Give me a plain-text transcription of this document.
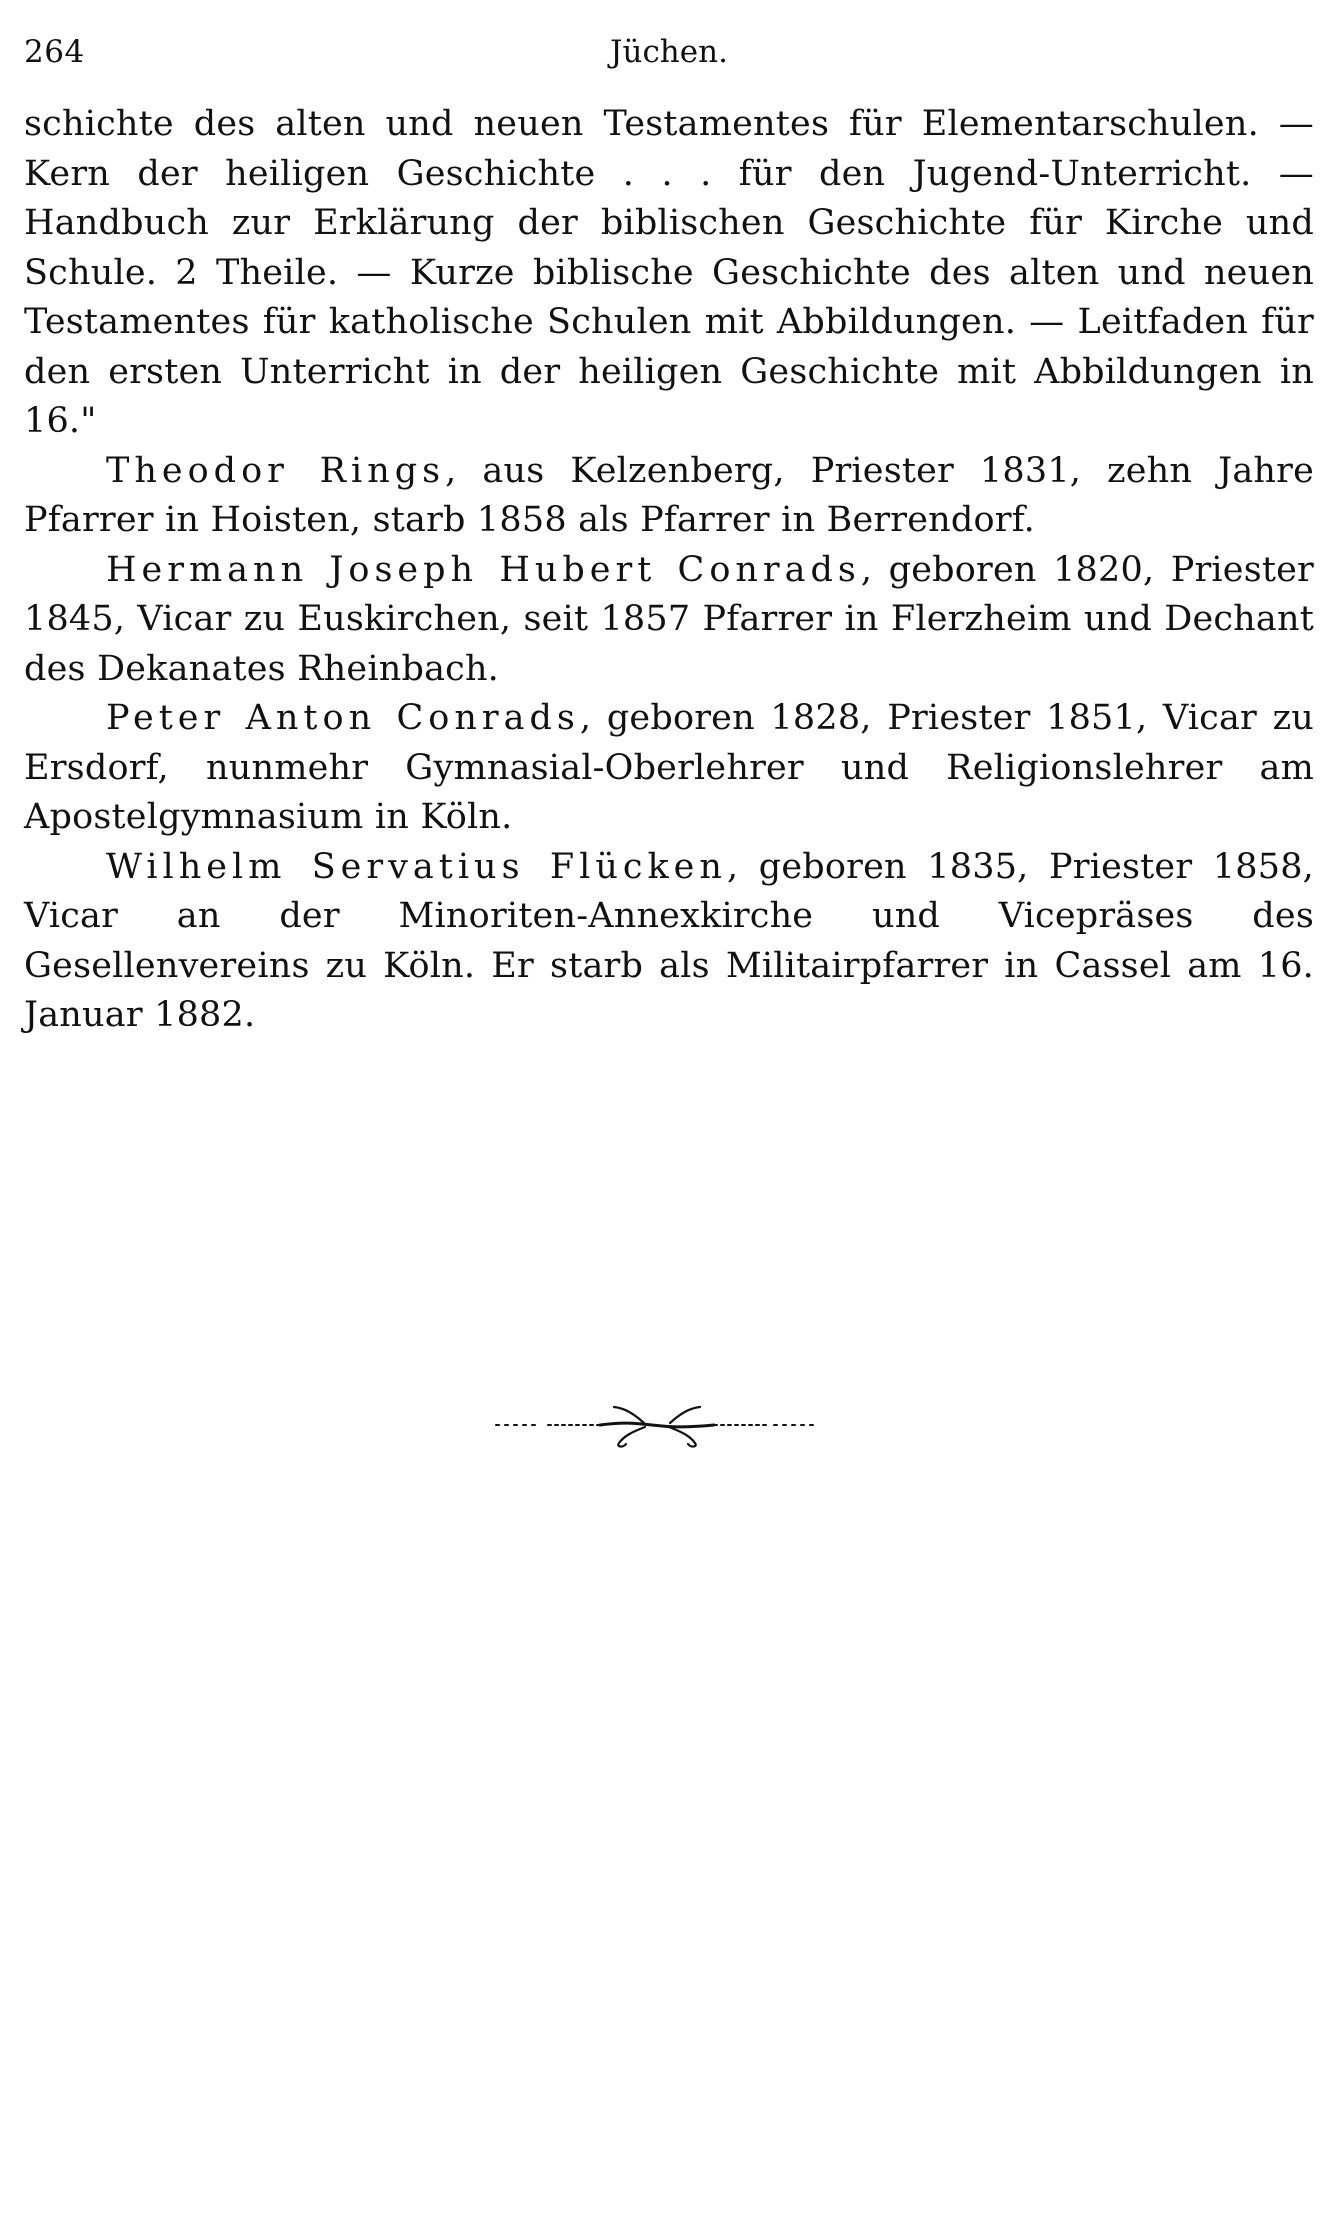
264	Jüchen.

schichte des alten und neuen Testamentes für Elementarschulen. — Kern der heiligen Geschichte . . . für den Jugend-Unterricht. — Handbuch zur Erklärung der biblischen Geschichte für Kirche und Schule. 2 Theile. — Kurze biblische Geschichte des alten und neuen Testamentes für katholische Schulen mit Abbildungen. — Leitfaden für den ersten Unterricht in der heiligen Geschichte mit Abbildungen in 16."

Theodor Rings, aus Kelzenberg, Priester 1831, zehn Jahre Pfarrer in Hoisten, starb 1858 als Pfarrer in Berrendorf.

Hermann Joseph Hubert Conrads, geboren 1820, Priester 1845, Vicar zu Euskirchen, seit 1857 Pfarrer in Flerzheim und Dechant des Dekanates Rheinbach.

Peter Anton Conrads, geboren 1828, Priester 1851, Vicar zu Ersdorf, nunmehr Gymnasial-Oberlehrer und Religionslehrer am Apostelgymnasium in Köln.

Wilhelm Servatius Flücken, geboren 1835, Priester 1858, Vicar an der Minoriten-Annexkirche und Vicepräses des Gesellenvereins zu Köln. Er starb als Militairpfarrer in Cassel am 16. Januar 1882.
